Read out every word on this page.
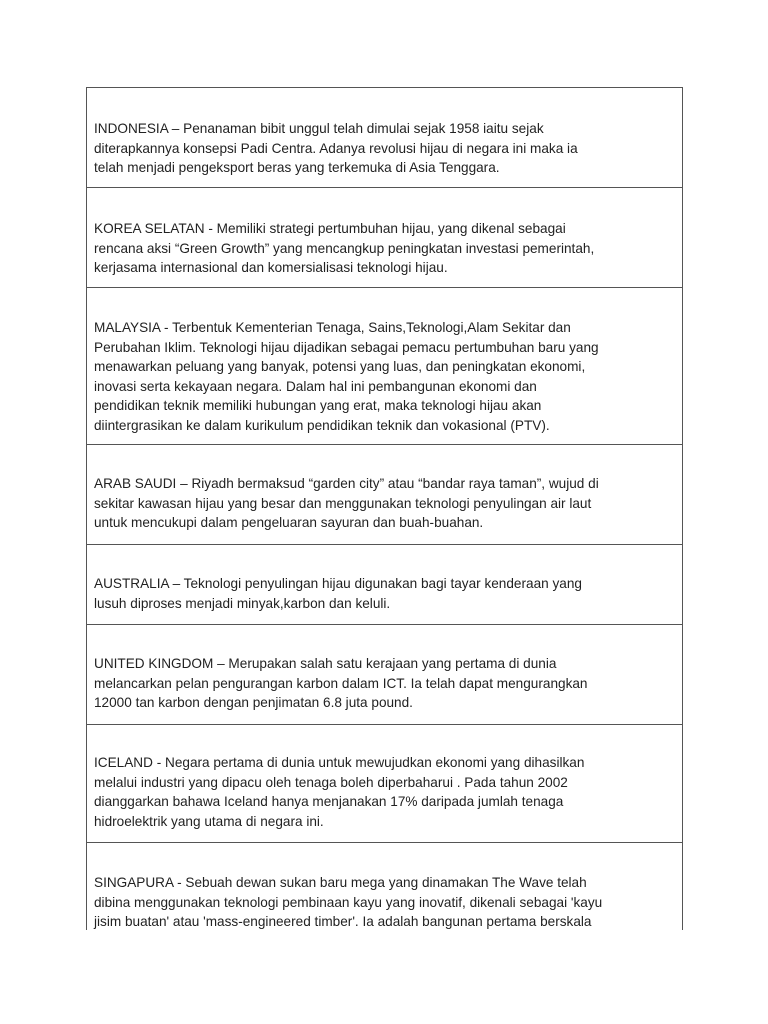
INDONESIA – Penanaman bibit unggul telah dimulai sejak 1958 iaitu sejak
diterapkannya konsepsi Padi Centra. Adanya revolusi hijau di negara ini maka ia
telah menjadi pengeksport beras yang terkemuka di Asia Tenggara.

KOREA SELATAN - Memiliki strategi pertumbuhan hijau, yang dikenal sebagai
rencana aksi “Green Growth” yang mencangkup peningkatan investasi pemerintah,
kerjasama internasional dan komersialisasi teknologi hijau.

MALAYSIA - Terbentuk Kementerian Tenaga, Sains,Teknologi,Alam Sekitar dan
Perubahan Iklim. Teknologi hijau dijadikan sebagai pemacu pertumbuhan baru yang
menawarkan peluang yang banyak, potensi yang luas, dan peningkatan ekonomi,
inovasi serta kekayaan negara. Dalam hal ini pembangunan ekonomi dan
pendidikan teknik memiliki hubungan yang erat, maka teknologi hijau akan
diintergrasikan ke dalam kurikulum pendidikan teknik dan vokasional (PTV).

ARAB SAUDI – Riyadh bermaksud “garden city” atau “bandar raya taman”, wujud di
sekitar kawasan hijau yang besar dan menggunakan teknologi penyulingan air laut
untuk mencukupi dalam pengeluaran sayuran dan buah-buahan.

AUSTRALIA – Teknologi penyulingan hijau digunakan bagi tayar kenderaan yang
lusuh diproses menjadi minyak,karbon dan keluli.

UNITED KINGDOM – Merupakan salah satu kerajaan yang pertama di dunia
melancarkan pelan pengurangan karbon dalam ICT. Ia telah dapat mengurangkan
12000 tan karbon dengan penjimatan 6.8 juta pound.

ICELAND - Negara pertama di dunia untuk mewujudkan ekonomi yang dihasilkan
melalui industri yang dipacu oleh tenaga boleh diperbaharui . Pada tahun 2002
dianggarkan bahawa Iceland hanya menjanakan 17% daripada jumlah tenaga
hidroelektrik yang utama di negara ini.

SINGAPURA - Sebuah dewan sukan baru mega yang dinamakan The Wave telah
dibina menggunakan teknologi pembinaan kayu yang inovatif, dikenali sebagai 'kayu
jisim buatan' atau 'mass-engineered timber'. Ia adalah bangunan pertama berskala
